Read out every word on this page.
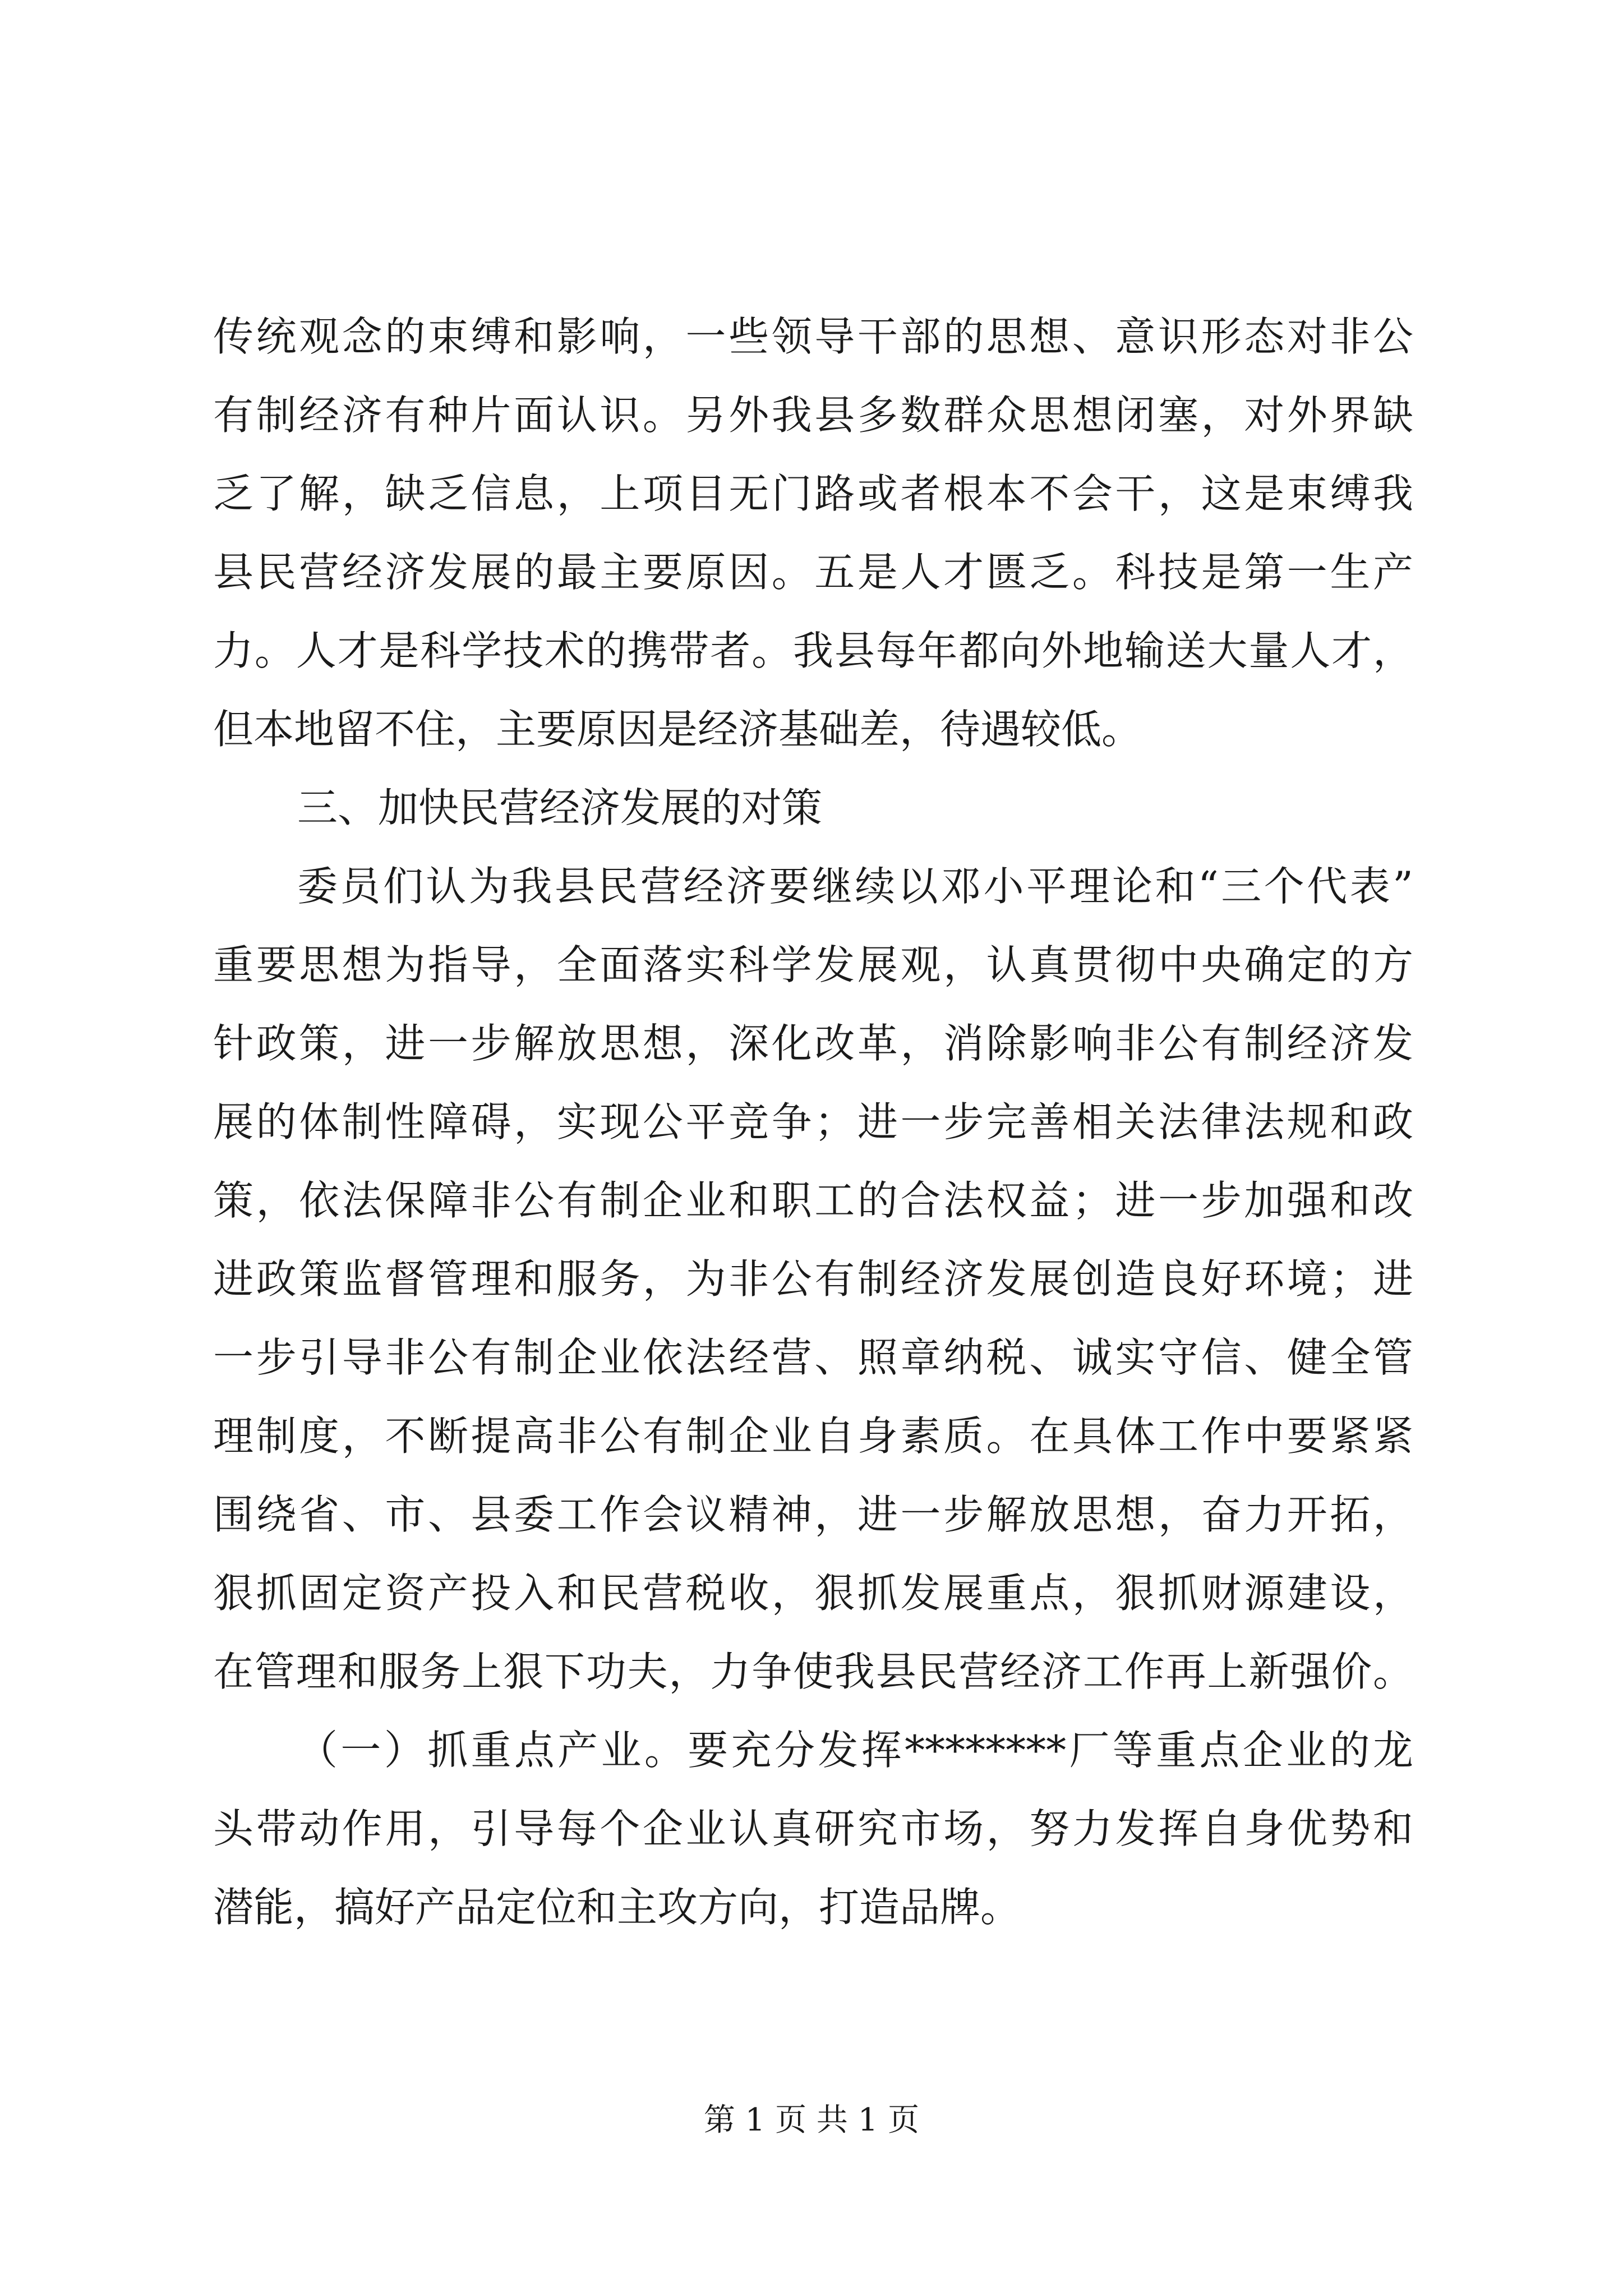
传统观念的束缚和影响，一些领导干部的思想、意识形态对非公
有制经济有种片面认识。另外我县多数群众思想闭塞，对外界缺
乏了解，缺乏信息，上项目无门路或者根本不会干，这是束缚我
县民营经济发展的最主要原因。五是人才匮乏。科技是第一生产
力。人才是科学技术的携带者。我县每年都向外地输送大量人才，
但本地留不住，主要原因是经济基础差，待遇较低。
三、加快民营经济发展的对策
委员们认为我县民营经济要继续以邓小平理论和“三个代表”
重要思想为指导，全面落实科学发展观，认真贯彻中央确定的方
针政策，进一步解放思想，深化改革，消除影响非公有制经济发
展的体制性障碍，实现公平竞争；进一步完善相关法律法规和政
策，依法保障非公有制企业和职工的合法权益；进一步加强和改
进政策监督管理和服务，为非公有制经济发展创造良好环境；进
一步引导非公有制企业依法经营、照章纳税、诚实守信、健全管
理制度，不断提高非公有制企业自身素质。在具体工作中要紧紧
围绕省、市、县委工作会议精神，进一步解放思想，奋力开拓，
狠抓固定资产投入和民营税收，狠抓发展重点，狠抓财源建设，
在管理和服务上狠下功夫，力争使我县民营经济工作再上新强价。
（一）抓重点产业。要充分发挥********厂等重点企业的龙
头带动作用，引导每个企业认真研究市场，努力发挥自身优势和
潜能，搞好产品定位和主攻方向，打造品牌。
第 1 页 共 1 页
